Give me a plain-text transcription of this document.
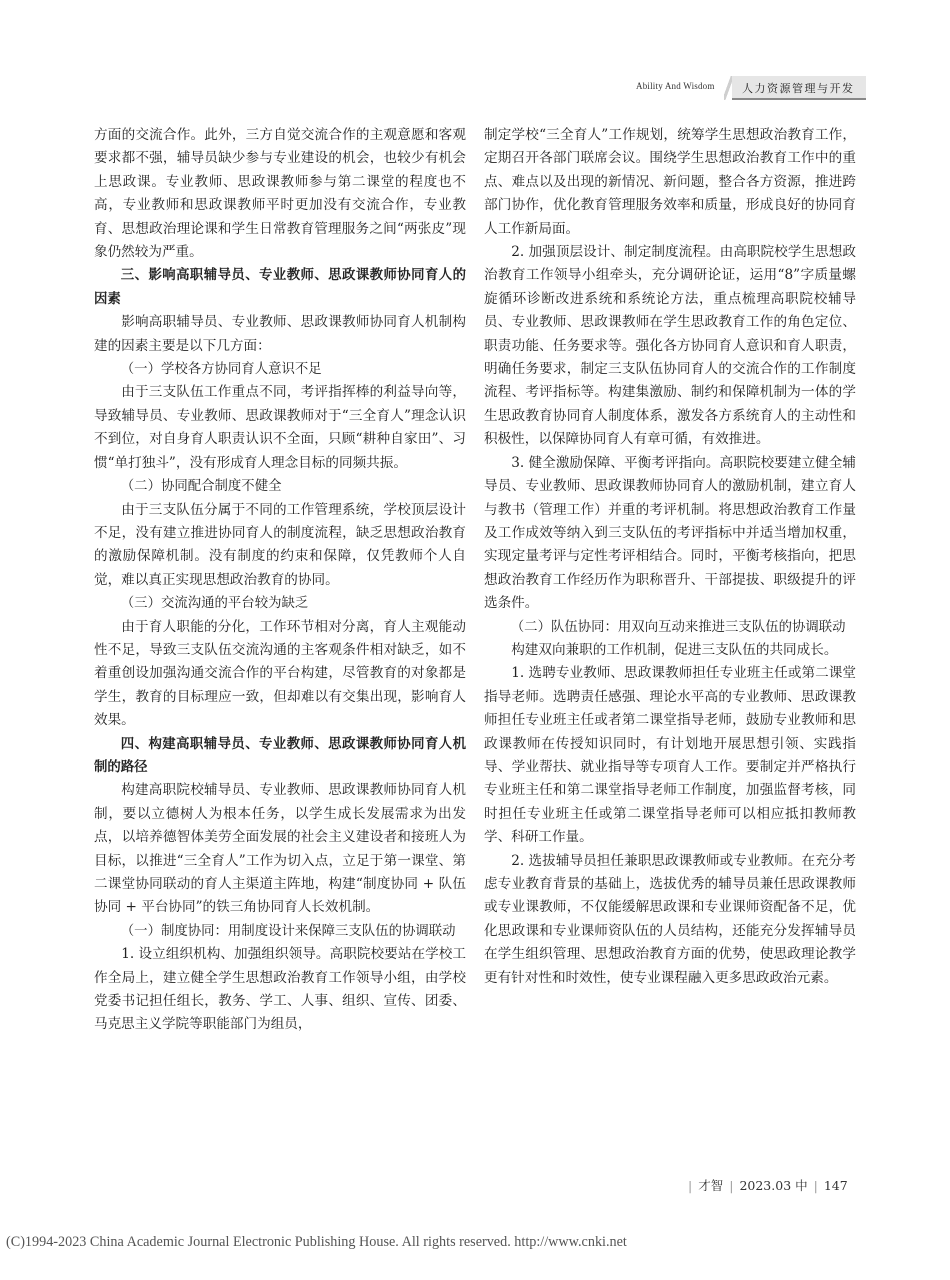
Ability And Wisdom 人力资源管理与开发

方面的交流合作。此外，三方自觉交流合作的主观意愿和客观要求都不强，辅导员缺少参与专业建设的机会，也较少有机会上思政课。专业教师、思政课教师参与第二课堂的程度也不高，专业教师和思政课教师平时更加没有交流合作，专业教育、思想政治理论课和学生日常教育管理服务之间“两张皮”现象仍然较为严重。

三、影响高职辅导员、专业教师、思政课教师协同育人的因素

影响高职辅导员、专业教师、思政课教师协同育人机制构建的因素主要是以下几方面：

（一）学校各方协同育人意识不足

由于三支队伍工作重点不同，考评指挥棒的利益导向等，导致辅导员、专业教师、思政课教师对于“三全育人”理念认识不到位，对自身育人职责认识不全面，只顾“耕种自家田”、习惯“单打独斗”，没有形成育人理念目标的同频共振。

（二）协同配合制度不健全

由于三支队伍分属于不同的工作管理系统，学校顶层设计不足，没有建立推进协同育人的制度流程，缺乏思想政治教育的激励保障机制。没有制度的约束和保障，仅凭教师个人自觉，难以真正实现思想政治教育的协同。

（三）交流沟通的平台较为缺乏

由于育人职能的分化，工作环节相对分离，育人主观能动性不足，导致三支队伍交流沟通的主客观条件相对缺乏，如不着重创设加强沟通交流合作的平台构建，尽管教育的对象都是学生，教育的目标理应一致，但却难以有交集出现，影响育人效果。

四、构建高职辅导员、专业教师、思政课教师协同育人机制的路径

构建高职院校辅导员、专业教师、思政课教师协同育人机制，要以立德树人为根本任务，以学生成长发展需求为出发点，以培养德智体美劳全面发展的社会主义建设者和接班人为目标，以推进“三全育人”工作为切入点，立足于第一课堂、第二课堂协同联动的育人主渠道主阵地，构建“制度协同 + 队伍协同 + 平台协同”的铁三角协同育人长效机制。

（一）制度协同：用制度设计来保障三支队伍的协调联动

1. 设立组织机构、加强组织领导。高职院校要站在学校工作全局上，建立健全学生思想政治教育工作领导小组，由学校党委书记担任组长，教务、学工、人事、组织、宣传、团委、马克思主义学院等职能部门为组员，

制定学校“三全育人”工作规划，统筹学生思想政治教育工作，定期召开各部门联席会议。围绕学生思想政治教育工作中的重点、难点以及出现的新情况、新问题，整合各方资源，推进跨部门协作，优化教育管理服务效率和质量，形成良好的协同育人工作新局面。

2. 加强顶层设计、制定制度流程。由高职院校学生思想政治教育工作领导小组牵头，充分调研论证，运用“8”字质量螺旋循环诊断改进系统和系统论方法，重点梳理高职院校辅导员、专业教师、思政课教师在学生思政教育工作的角色定位、职责功能、任务要求等。强化各方协同育人意识和育人职责，明确任务要求，制定三支队伍协同育人的交流合作的工作制度流程、考评指标等。构建集激励、制约和保障机制为一体的学生思政教育协同育人制度体系，激发各方系统育人的主动性和积极性，以保障协同育人有章可循，有效推进。

3. 健全激励保障、平衡考评指向。高职院校要建立健全辅导员、专业教师、思政课教师协同育人的激励机制，建立育人与教书（管理工作）并重的考评机制。将思想政治教育工作量及工作成效等纳入到三支队伍的考评指标中并适当增加权重，实现定量考评与定性考评相结合。同时，平衡考核指向，把思想政治教育工作经历作为职称晋升、干部提拔、职级提升的评选条件。

（二）队伍协同：用双向互动来推进三支队伍的协调联动

构建双向兼职的工作机制，促进三支队伍的共同成长。

1. 选聘专业教师、思政课教师担任专业班主任或第二课堂指导老师。选聘责任感强、理论水平高的专业教师、思政课教师担任专业班主任或者第二课堂指导老师，鼓励专业教师和思政课教师在传授知识同时，有计划地开展思想引领、实践指导、学业帮扶、就业指导等专项育人工作。要制定并严格执行专业班主任和第二课堂指导老师工作制度，加强监督考核，同时担任专业班主任或第二课堂指导老师可以相应抵扣教师教学、科研工作量。

2. 选拔辅导员担任兼职思政课教师或专业教师。在充分考虑专业教育背景的基础上，选拔优秀的辅导员兼任思政课教师或专业课教师，不仅能缓解思政课和专业课师资配备不足，优化思政课和专业课师资队伍的人员结构，还能充分发挥辅导员在学生组织管理、思想政治教育方面的优势，使思政理论教学更有针对性和时效性，使专业课程融入更多思政政治元素。

| 才智 | 2023.03 中 | 147
(C)1994-2023 China Academic Journal Electronic Publishing House. All rights reserved. http://www.cnki.net
